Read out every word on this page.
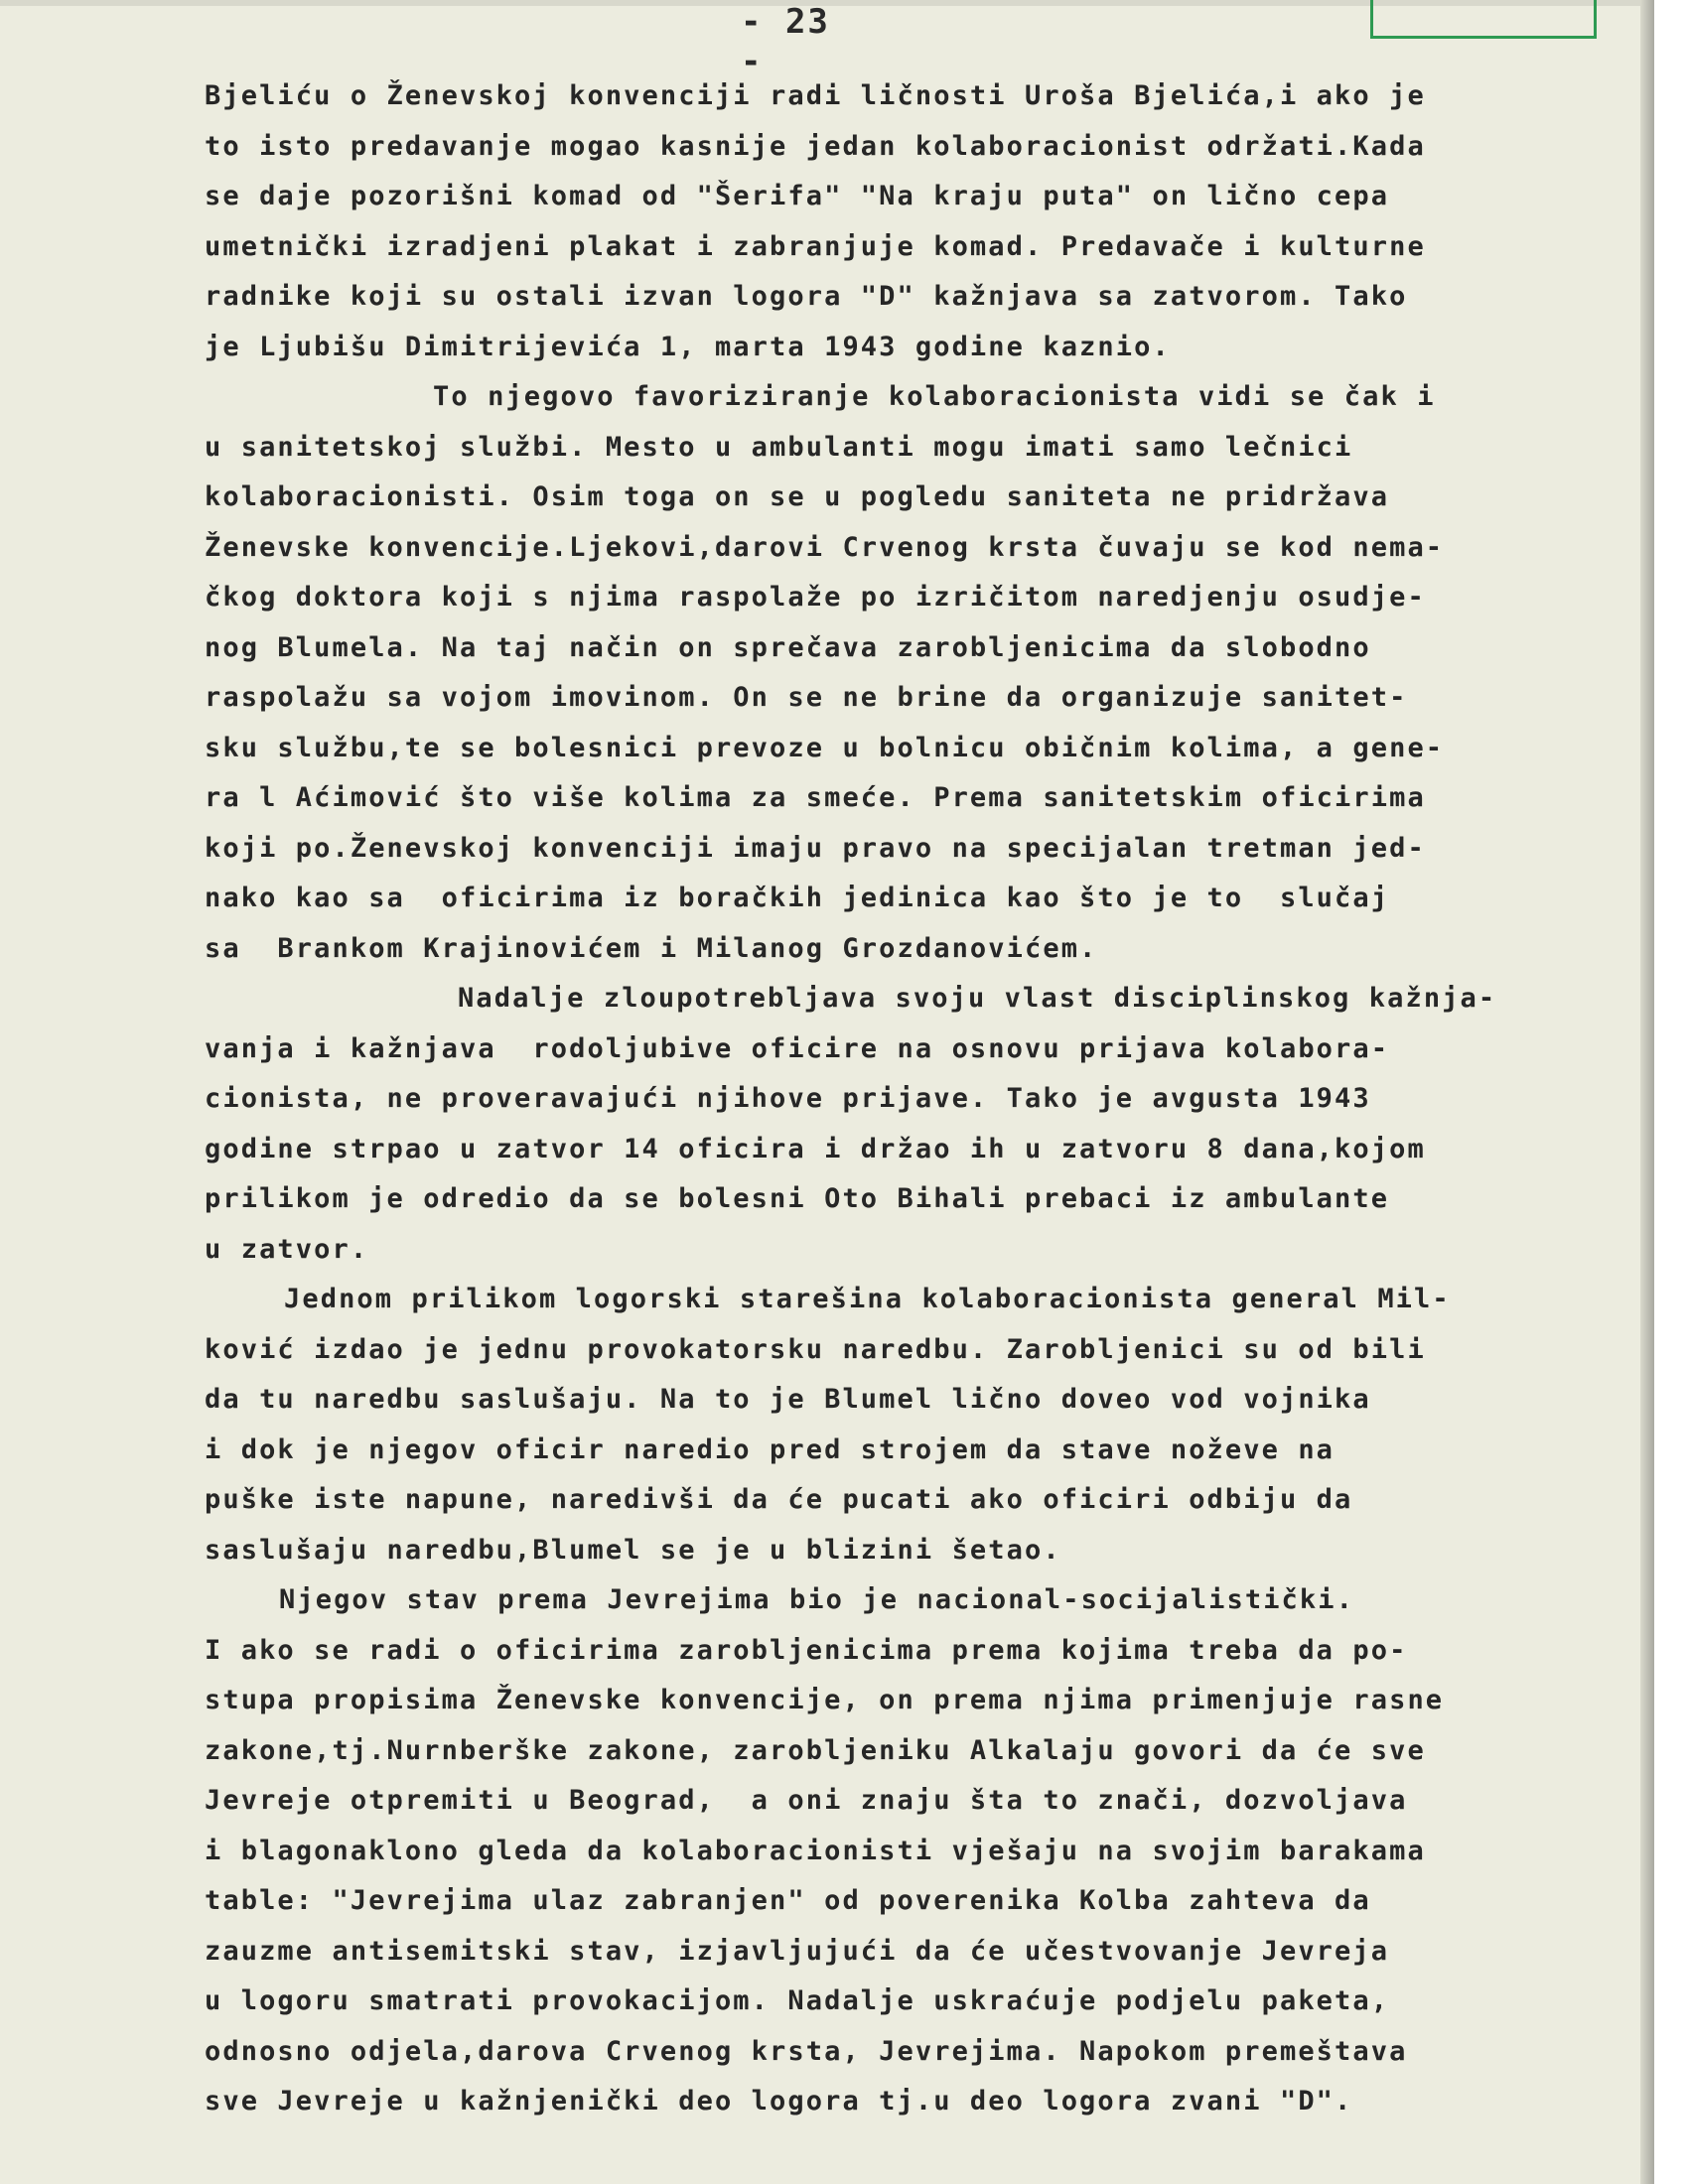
- 23 -
Bjeliću o Ženevskoj konvenciji radi ličnosti Uroša Bjelića,i ako je
to isto predavanje mogao kasnije jedan kolaboracionist održati.Kada
se daje pozorišni komad od "Šerifa" "Na kraju puta" on lično cepa
umetnički izradjeni plakat i zabranjuje komad. Predavače i kulturne
radnike koji su ostali izvan logora "D" kažnjava sa zatvorom. Tako
je Ljubišu Dimitrijevića 1, marta 1943 godine kaznio.
To njegovo favoriziranje kolaboracionista vidi se čak i
u sanitetskoj službi. Mesto u ambulanti mogu imati samo lečnici
kolaboracionisti. Osim toga on se u pogledu saniteta ne pridržava
Ženevske konvencije.Ljekovi,darovi Crvenog krsta čuvaju se kod nema-
čkog doktora koji s njima raspolaže po izričitom naredjenju osudje-
nog Blumela. Na taj način on sprečava zarobljenicima da slobodno
raspolažu sa vojom imovinom. On se ne brine da organizuje sanitet-
sku službu,te se bolesnici prevoze u bolnicu običnim kolima, a gene-
ra l Aćimović što više kolima za smeće. Prema sanitetskim oficirima
koji po.Ženevskoj konvenciji imaju pravo na specijalan tretman jed-
nako kao sa  oficirima iz boračkih jedinica kao što je to  slučaj
sa  Brankom Krajinovićem i Milanog Grozdanovićem.
Nadalje zloupotrebljava svoju vlast disciplinskog kažnja-
vanja i kažnjava  rodoljubive oficire na osnovu prijava kolabora-
cionista, ne proveravajući njihove prijave. Tako je avgusta 1943
godine strpao u zatvor 14 oficira i držao ih u zatvoru 8 dana,kojom
prilikom je odredio da se bolesni Oto Bihali prebaci iz ambulante
u zatvor.
Jednom prilikom logorski starešina kolaboracionista general Mil-
ković izdao je jednu provokatorsku naredbu. Zarobljenici su od bili
da tu naredbu saslušaju. Na to je Blumel lično doveo vod vojnika
i dok je njegov oficir naredio pred strojem da stave noževe na
puške iste napune, naredivši da će pucati ako oficiri odbiju da
saslušaju naredbu,Blumel se je u blizini šetao.
Njegov stav prema Jevrejima bio je nacional-socijalistički.
I ako se radi o oficirima zarobljenicima prema kojima treba da po-
stupa propisima Ženevske konvencije, on prema njima primenjuje rasne
zakone,tj.Nurnberške zakone, zarobljeniku Alkalaju govori da će sve
Jevreje otpremiti u Beograd,  a oni znaju šta to znači, dozvoljava
i blagonaklono gleda da kolaboracionisti vješaju na svojim barakama
table: "Jevrejima ulaz zabranjen" od poverenika Kolba zahteva da
zauzme antisemitski stav, izjavljujući da će učestvovanje Jevreja
u logoru smatrati provokacijom. Nadalje uskraćuje podjelu paketa,
odnosno odjela,darova Crvenog krsta, Jevrejima. Napokom premeštava
sve Jevreje u kažnjenički deo logora tj.u deo logora zvani "D".
